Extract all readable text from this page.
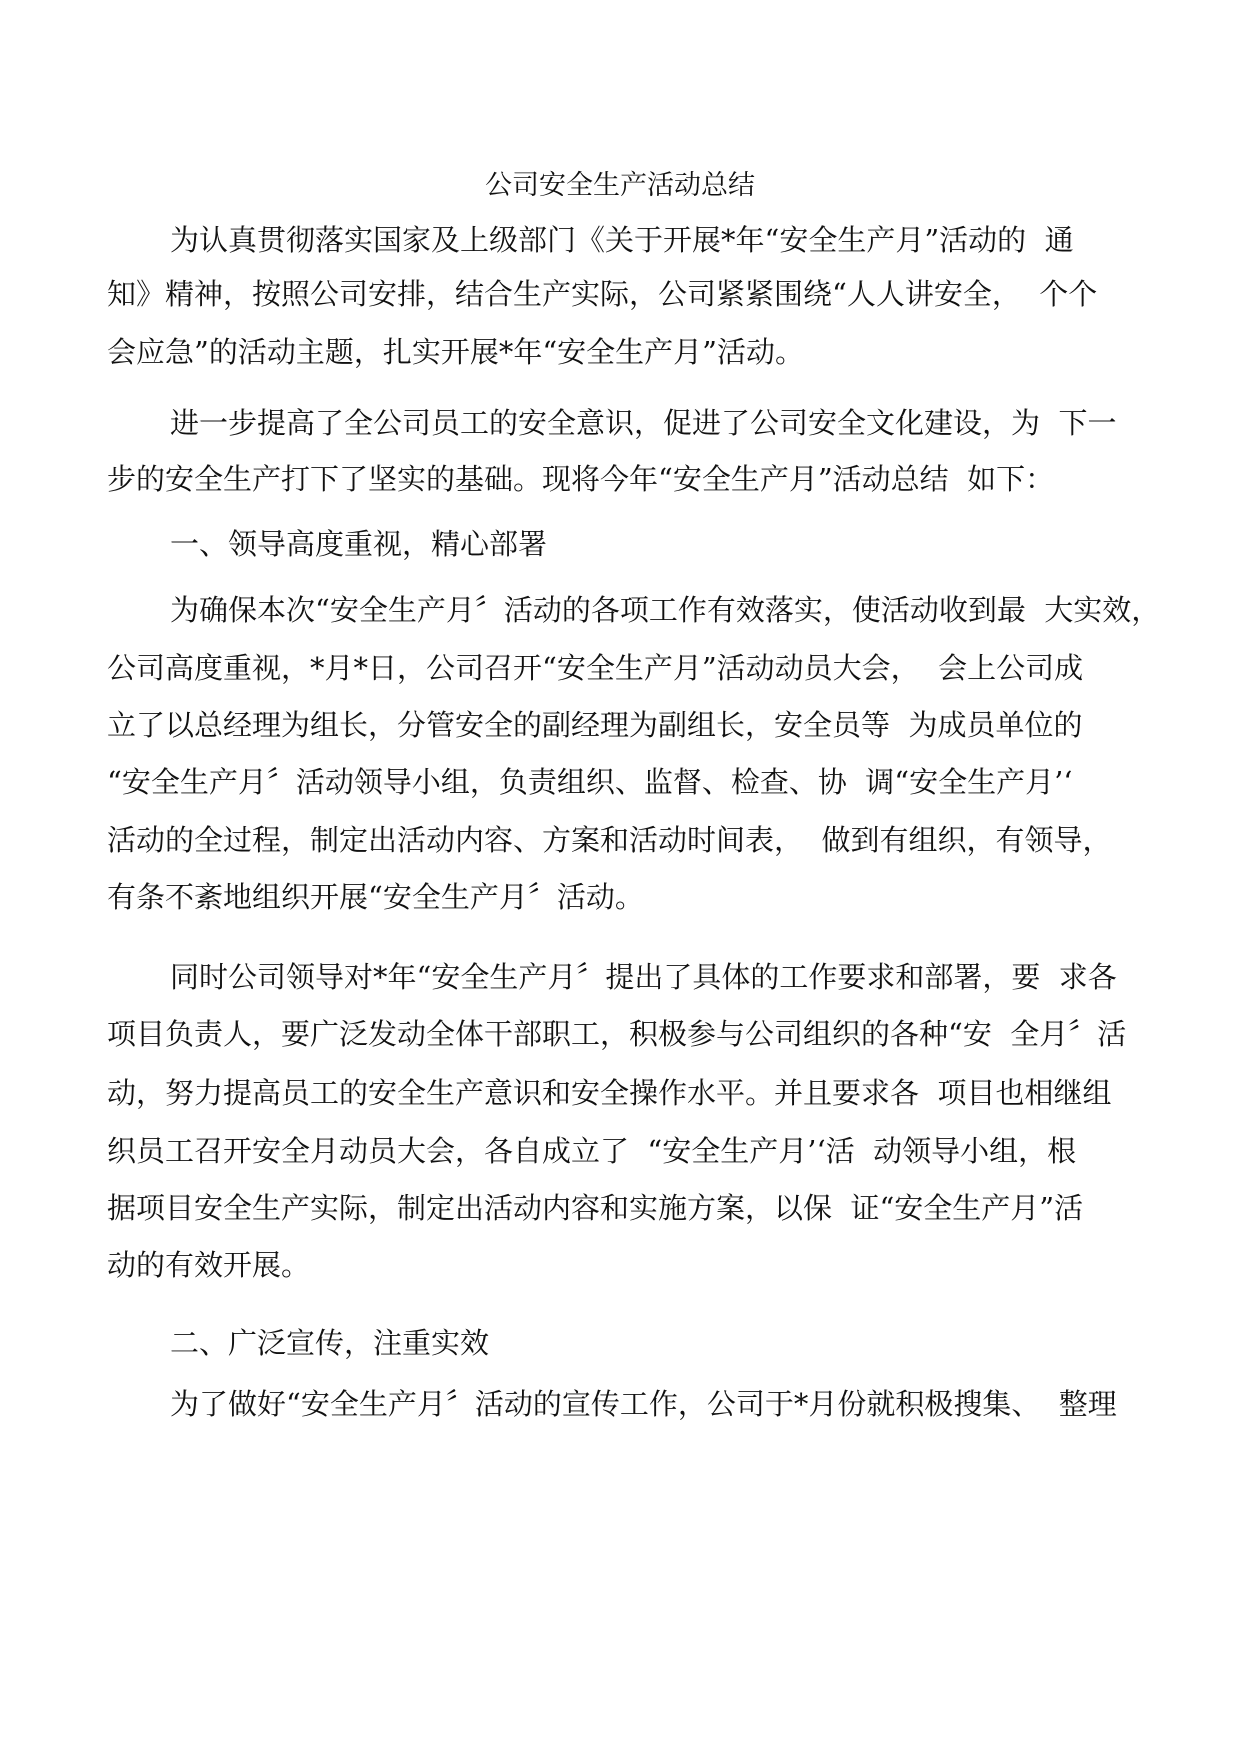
公司安全生产活动总结

为认真贯彻落实国家及上级部门《关于开展*年“安全生产月”活动的  通

知》精神，按照公司安排，结合生产实际，公司紧紧围绕“人人讲安全，  个个

会应急”的活动主题，扎实开展*年“安全生产月”活动。

进一步提高了全公司员工的安全意识，促进了公司安全文化建设，为  下一

步的安全生产打下了坚实的基础。现将今年“安全生产月”活动总结  如下：

一、领导高度重视，精心部署

为确保本次“安全生产月〞活动的各项工作有效落实，使活动收到最  大实效，

公司高度重视，*月*日，公司召开“安全生产月”活动动员大会，  会上公司成

立了以总经理为组长，分管安全的副经理为副组长，安全员等  为成员单位的

“安全生产月〞活动领导小组，负责组织、监督、检查、协  调“安全生产月’‘

活动的全过程，制定出活动内容、方案和活动时间表，  做到有组织，有领导，

有条不紊地组织开展“安全生产月〞活动。

同时公司领导对*年“安全生产月〞提出了具体的工作要求和部署，要  求各

项目负责人，要广泛发动全体干部职工，积极参与公司组织的各种“安  全月〞活

动，努力提高员工的安全生产意识和安全操作水平。并且要求各  项目也相继组

织员工召开安全月动员大会，各自成立了  “安全生产月’‘活  动领导小组，根

据项目安全生产实际，制定出活动内容和实施方案，以保  证“安全生产月”活

动的有效开展。

二、广泛宣传，注重实效

为了做好“安全生产月〞活动的宣传工作，公司于*月份就积极搜集、  整理
